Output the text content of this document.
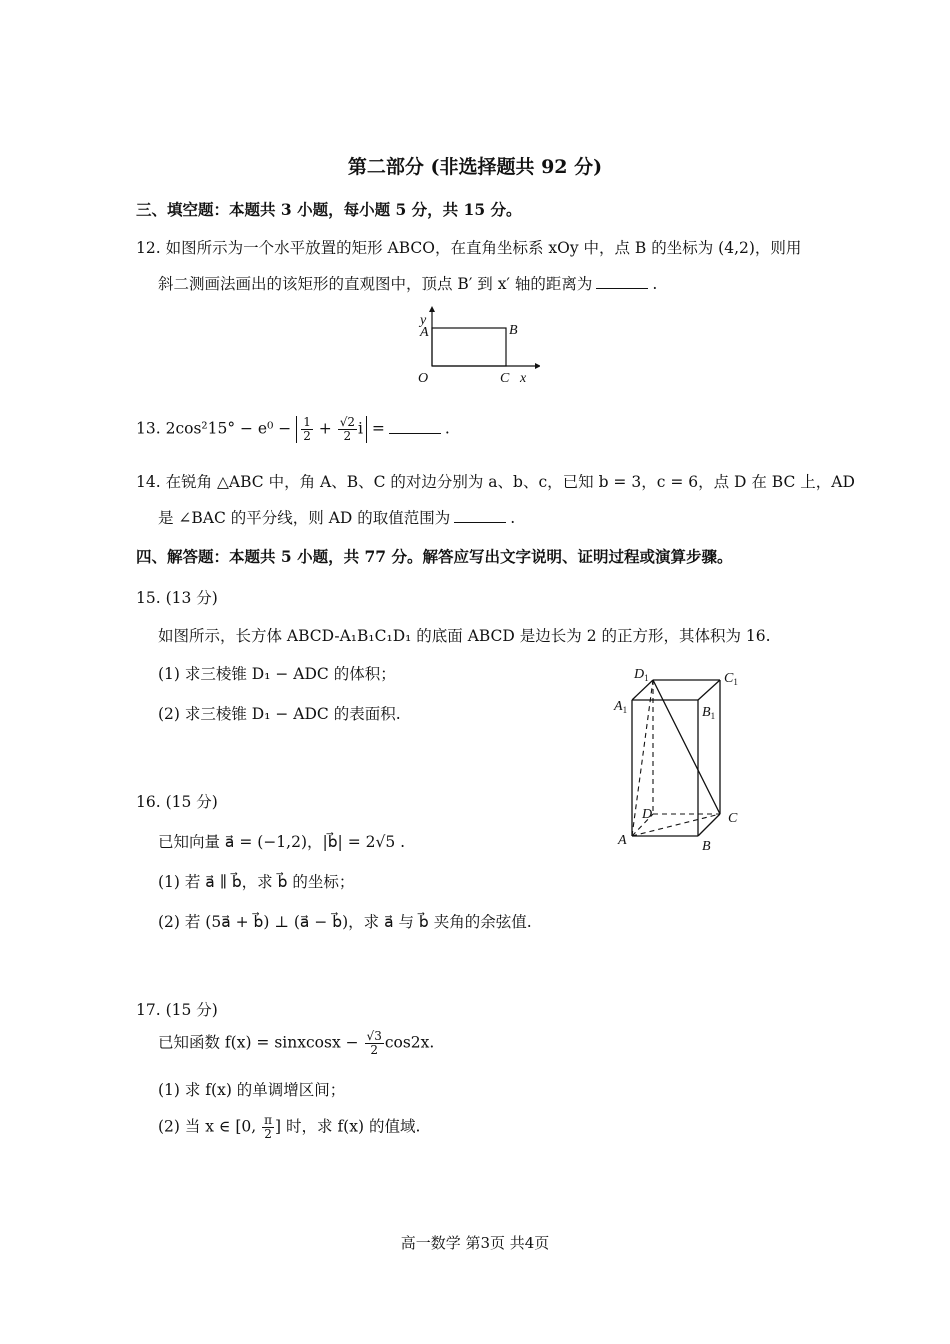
第二部分 (非选择题共 92 分)
三、填空题：本题共 3 小题，每小题 5 分，共 15 分。
12. 如图所示为一个水平放置的矩形 ABCO，在直角坐标系 xOy 中，点 B 的坐标为 (4,2)，则用
斜二测画法画出的该矩形的直观图中，顶点 B′ 到 x′ 轴的距离为	.
y
A	B
O	C x
13. $2\cos^215^\circ - e^0 - \frac{1}{2} + \frac{√2}{2}$ i =	.
14. 在锐角 △ABC 中，角 A、B、C 的对边分别为 a、b、c，已知 b = 3，c = 6，点 D 在 BC 上，AD
是 ∠BAC 的平分线，则 AD 的取值范围为	.
四、解答题：本题共 5 小题，共 77 分。解答应写出文字说明、证明过程或演算步骤。
15. (13 分)
如图所示，长方体 ABCD-A₁B₁C₁D₁ 的底面 ABCD 是边长为 2 的正方形，其体积为 16.
(1) 求三棱锥 D₁ − ADC 的体积；
(2) 求三棱锥 D₁ − ADC 的表面积.
$D_1$	$C_1$
$A_1$	$B_1$
D	C
A	B
16. (15 分)
已知向量 a⃗ = (−1,2)，|b⃗| = 2√5 .
(1) 若 a⃗ ∥ b⃗，求 b⃗ 的坐标；
(2) 若 (5a⃗ + b⃗) ⊥ (a⃗ − b⃗)，求 a⃗ 与 b⃗ 夹角的余弦值.
17. (15 分)
已知函数 f(x) = sinxcosx − $\frac{√3}{2} \cos 2x$.
(1) 求 f(x) 的单调增区间；
(2) 当 x ∈ [0, $\frac{\pi}{2}$ ] 时，求 f(x) 的值域.
高一数学 第3页 共4页
